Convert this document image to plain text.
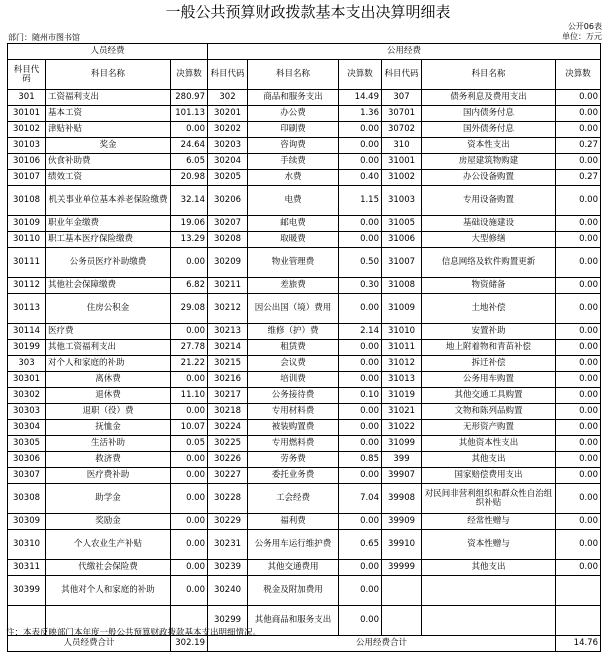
一般公共预算财政拨款基本支出决算明细表
公开06表
部门：随州市图书馆	单位：万元
人员经费			公用经费					
科目代码	科目名称	决算数	科目代码	科目名称	决算数	科目代码	科目名称	决算数
301	工资福利支出	280.97	302	商品和服务支出	14.49	307	债务利息及费用支出	0.00
30101	基本工资	101.13	30201	办公费	1.36	30701	国内债务付息	0.00
30102	津贴补贴	0.00	30202	印刷费	0.00	30702	国外债务付息	0.00
30103	奖金	24.64	30203	咨询费	0.00	310	资本性支出	0.27
30106	伙食补助费	6.05	30204	手续费	0.00	31001	房屋建筑物购建	0.00
30107	绩效工资	20.98	30205	水费	0.40	31002	办公设备购置	0.27
30108	机关事业单位基本养老保险缴费	32.14	30206	电费	1.15	31003	专用设备购置	0.00
30109	职业年金缴费	19.06	30207	邮电费	0.00	31005	基础设施建设	0.00
30110	职工基本医疗保险缴费	13.29	30208	取暖费	0.00	31006	大型修缮	0.00
30111	公务员医疗补助缴费	0.00	30209	物业管理费	0.50	31007	信息网络及软件购置更新	0.00
30112	其他社会保障缴费	6.82	30211	差旅费	0.30	31008	物资储备	0.00
30113	住房公积金	29.08	30212	因公出国（境）费用	0.00	31009	土地补偿	0.00
30114	医疗费	0.00	30213	维修（护）费	2.14	31010	安置补助	0.00
30199	其他工资福利支出	27.78	30214	租赁费	0.00	31011	地上附着物和青苗补偿	0.00
303	对个人和家庭的补助	21.22	30215	会议费	0.00	31012	拆迁补偿	0.00
30301	离休费	0.00	30216	培训费	0.00	31013	公务用车购置	0.00
30302	退休费	11.10	30217	公务接待费	0.10	31019	其他交通工具购置	0.00
30303	退职（役）费	0.00	30218	专用材料费	0.00	31021	文物和陈列品购置	0.00
30304	抚恤金	10.07	30224	被装购置费	0.00	31022	无形资产购置	0.00
30305	生活补助	0.05	30225	专用燃料费	0.00	31099	其他资本性支出	0.00
30306	救济费	0.00	30226	劳务费	0.85	399	其他支出	0.00
30307	医疗费补助	0.00	30227	委托业务费	0.00	39907	国家赔偿费用支出	0.00
30308	助学金	0.00	30228	工会经费	7.04	39908	对民间非营利组织和群众性自治组织补贴	0.00
30309	奖励金	0.00	30229	福利费	0.00	39909	经常性赠与	0.00
30310	个人农业生产补贴	0.00	30231	公务用车运行维护费	0.65	39910	资本性赠与	0.00
30311	代缴社会保险费	0.00	30239	其他交通费用	0.00	39999	其他支出	0.00
30399	其他对个人和家庭的补助	0.00	30240	税金及附加费用	0.00			
			30299	其他商品和服务支出	0.00			
人员经费合计		302.19	公用经费合计					14.76
注：本表反映部门本年度一般公共预算财政拨款基本支出明细情况。
